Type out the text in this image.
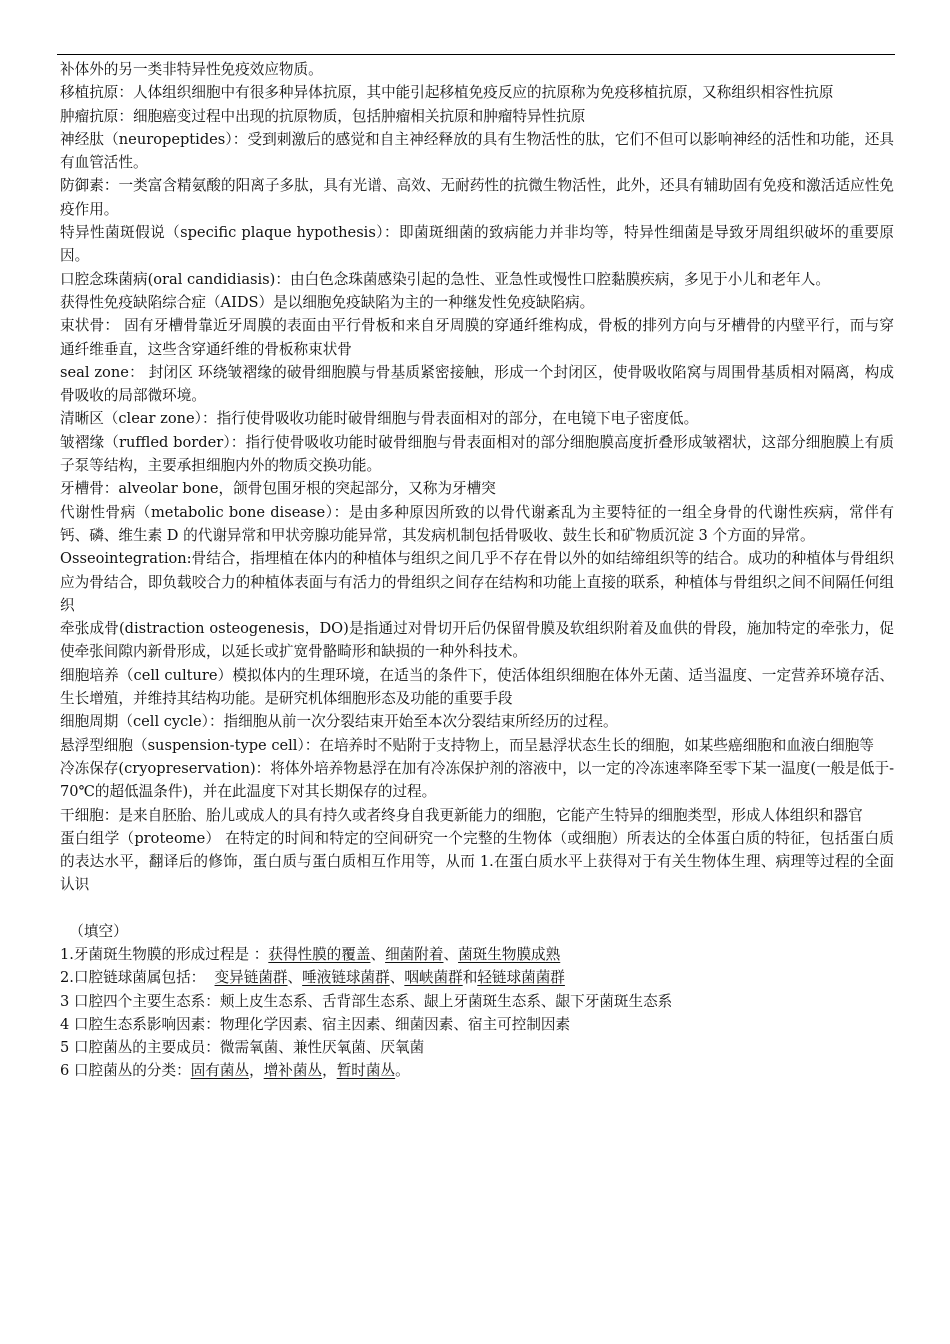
补体外的另一类非特异性免疫效应物质。

移植抗原：人体组织细胞中有很多种异体抗原，其中能引起移植免疫反应的抗原称为免疫移植抗原，又称组织相容性抗原

肿瘤抗原：细胞癌变过程中出现的抗原物质，包括肿瘤相关抗原和肿瘤特异性抗原

神经肽（neuropeptides）：受到刺激后的感觉和自主神经释放的具有生物活性的肽，它们不但可以影响神经的活性和功能，还具有血管活性。

防御素：一类富含精氨酸的阳离子多肽，具有光谱、高效、无耐药性的抗微生物活性，此外，还具有辅助固有免疫和激活适应性免疫作用。

特异性菌斑假说（specific plaque hypothesis）：即菌斑细菌的致病能力并非均等，特异性细菌是导致牙周组织破坏的重要原因。

口腔念珠菌病(oral candidiasis)：由白色念珠菌感染引起的急性、亚急性或慢性口腔黏膜疾病，多见于小儿和老年人。

获得性免疫缺陷综合症（AIDS）是以细胞免疫缺陷为主的一种继发性免疫缺陷病。

束状骨： 固有牙槽骨靠近牙周膜的表面由平行骨板和来自牙周膜的穿通纤维构成，骨板的排列方向与牙槽骨的内壁平行，而与穿通纤维垂直，这些含穿通纤维的骨板称束状骨

seal zone： 封闭区 环绕皱褶缘的破骨细胞膜与骨基质紧密接触，形成一个封闭区，使骨吸收陷窝与周围骨基质相对隔离，构成骨吸收的局部微环境。

清晰区（clear zone）：指行使骨吸收功能时破骨细胞与骨表面相对的部分，在电镜下电子密度低。

皱褶缘（ruffled border）：指行使骨吸收功能时破骨细胞与骨表面相对的部分细胞膜高度折叠形成皱褶状，这部分细胞膜上有质子泵等结构，主要承担细胞内外的物质交换功能。

牙槽骨：alveolar bone，颌骨包围牙根的突起部分，又称为牙槽突

代谢性骨病（metabolic bone disease）：是由多种原因所致的以骨代谢紊乱为主要特征的一组全身骨的代谢性疾病，常伴有钙、磷、维生素 D 的代谢异常和甲状旁腺功能异常，其发病机制包括骨吸收、鼓生长和矿物质沉淀 3 个方面的异常。

Osseointegration:骨结合，指埋植在体内的种植体与组织之间几乎不存在骨以外的如结缔组织等的结合。成功的种植体与骨组织应为骨结合，即负载咬合力的种植体表面与有活力的骨组织之间存在结构和功能上直接的联系，种植体与骨组织之间不间隔任何组织

牵张成骨(distraction osteogenesis，DO)是指通过对骨切开后仍保留骨膜及软组织附着及血供的骨段，施加特定的牵张力，促使牵张间隙内新骨形成，以延长或扩宽骨骼畸形和缺损的一种外科技术。

细胞培养（cell culture）模拟体内的生理环境，在适当的条件下，使活体组织细胞在体外无菌、适当温度、一定营养环境存活、生长增殖，并维持其结构功能。是研究机体细胞形态及功能的重要手段

细胞周期（cell cycle）：指细胞从前一次分裂结束开始至本次分裂结束所经历的过程。

悬浮型细胞（suspension-type cell）：在培养时不贴附于支持物上，而呈悬浮状态生长的细胞，如某些癌细胞和血液白细胞等

冷冻保存(cryopreservation)：将体外培养物悬浮在加有冷冻保护剂的溶液中，以一定的冷冻速率降至零下某一温度(一般是低于-70℃的超低温条件)，并在此温度下对其长期保存的过程。

干细胞：是来自胚胎、胎儿或成人的具有持久或者终身自我更新能力的细胞，它能产生特异的细胞类型，形成人体组织和器官

蛋白组学（proteome） 在特定的时间和特定的空间研究一个完整的生物体（或细胞）所表达的全体蛋白质的特征，包括蛋白质的表达水平，翻译后的修饰，蛋白质与蛋白质相互作用等，从而 1.在蛋白质水平上获得对于有关生物体生理、病理等过程的全面认识

（填空）

1.牙菌斑生物膜的形成过程是 ：获得性膜的覆盖、细菌附着、菌斑生物膜成熟

2.口腔链球菌属包括：  变异链菌群、唾液链球菌群、咽峡菌群和轻链球菌菌群

3 口腔四个主要生态系：颊上皮生态系、舌背部生态系、龈上牙菌斑生态系、龈下牙菌斑生态系

4 口腔生态系影响因素：物理化学因素、宿主因素、细菌因素、宿主可控制因素

5 口腔菌丛的主要成员：微需氧菌、兼性厌氧菌、厌氧菌

6 口腔菌丛的分类：固有菌丛，增补菌丛，暂时菌丛。
